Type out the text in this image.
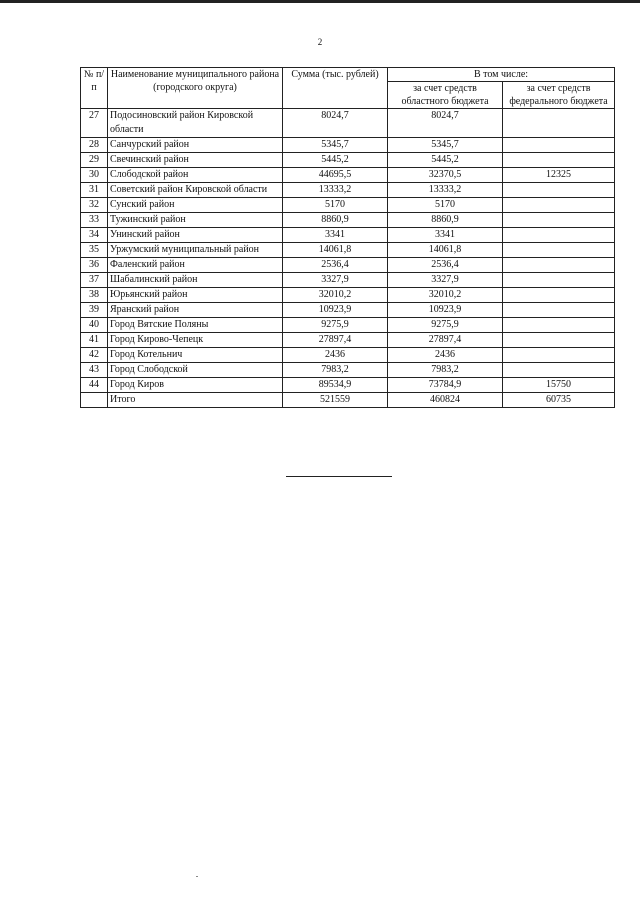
2
№ п/п	Наименование муниципального района (городского округа)	Сумма (тыс. рублей)	В том числе:	
			за счет средств областного бюджета	за счет средств федерального бюджета
27	Подосиновский район Кировской области	8024,7	8024,7	
28	Санчурский район	5345,7	5345,7	
29	Свечинский район	5445,2	5445,2	
30	Слободской район	44695,5	32370,5	12325
31	Советский район Кировской области	13333,2	13333,2	
32	Сунский район	5170	5170	
33	Тужинский район	8860,9	8860,9	
34	Унинский район	3341	3341	
35	Уржумский муниципальный район	14061,8	14061,8	
36	Фаленский район	2536,4	2536,4	
37	Шабалинский район	3327,9	3327,9	
38	Юрьянский район	32010,2	32010,2	
39	Яранский район	10923,9	10923,9	
40	Город Вятские Поляны	9275,9	9275,9	
41	Город Кирово-Чепецк	27897,4	27897,4	
42	Город Котельнич	2436	2436	
43	Город Слободской	7983,2	7983,2	
44	Город Киров	89534,9	73784,9	15750
	Итого	521559	460824	60735
